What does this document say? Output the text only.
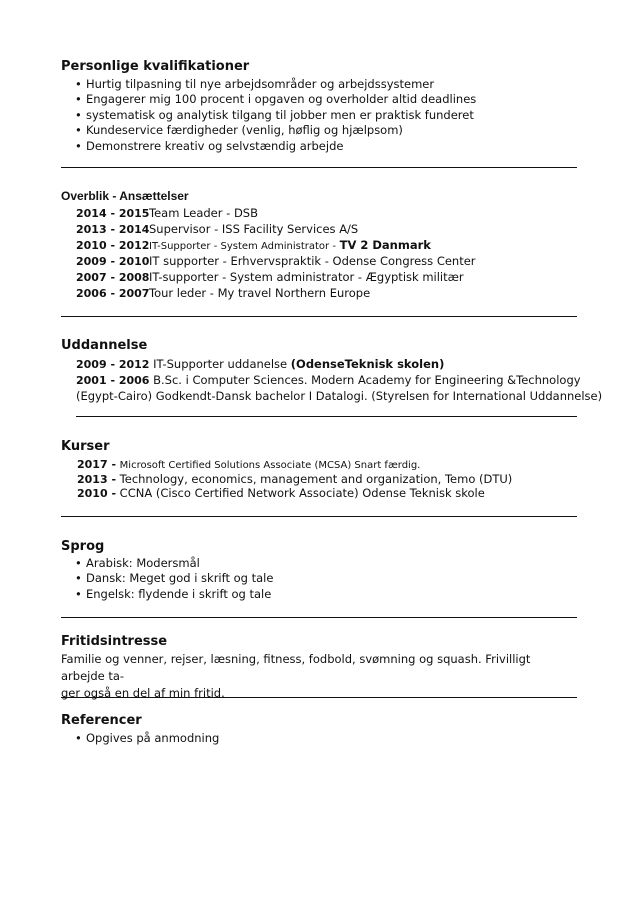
Personlige kvalifikationer
• Hurtig tilpasning til nye arbejdsområder og arbejdssystemer
• Engagerer mig 100 procent i opgaven og overholder altid deadlines
• systematisk og analytisk tilgang til jobber men er praktisk funderet
• Kundeservice færdigheder (venlig, høflig og hjælpsom)
• Demonstrere kreativ og selvstændig arbejde
Overblik - Ansættelser
2014 - 2015Team Leader - DSB
2013 - 2014Supervisor - ISS Facility Services A/S
2010 - 2012IT-Supporter - System Administrator - TV 2 Danmark
2009 - 2010IT supporter - Erhvervspraktik - Odense Congress Center
2007 - 2008IT-supporter - System administrator - Ægyptisk militær
2006 - 2007Tour leder - My travel Northern Europe
Uddannelse
2009 - 2012 IT-Supporter uddanelse (OdenseTeknisk skolen)
2001 - 2006 B.Sc. i Computer Sciences. Modern Academy for Engineering &Technology
(Egypt-Cairo) Godkendt-Dansk bachelor I Datalogi. (Styrelsen for International Uddannelse)
Kurser
2017 - Microsoft Certified Solutions Associate (MCSA) Snart færdig.
2013 - Technology, economics, management and organization, Temo (DTU)
2010 - CCNA (Cisco Certified Network Associate) Odense Teknisk skole
Sprog
• Arabisk: Modersmål
• Dansk: Meget god i skrift og tale
• Engelsk: flydende i skrift og tale
Fritidsintresse
Familie og venner, rejser, læsning, fitness, fodbold, svømning og squash. Frivilligt arbejde ta-
ger også en del af min fritid.
Referencer
• Opgives på anmodning
